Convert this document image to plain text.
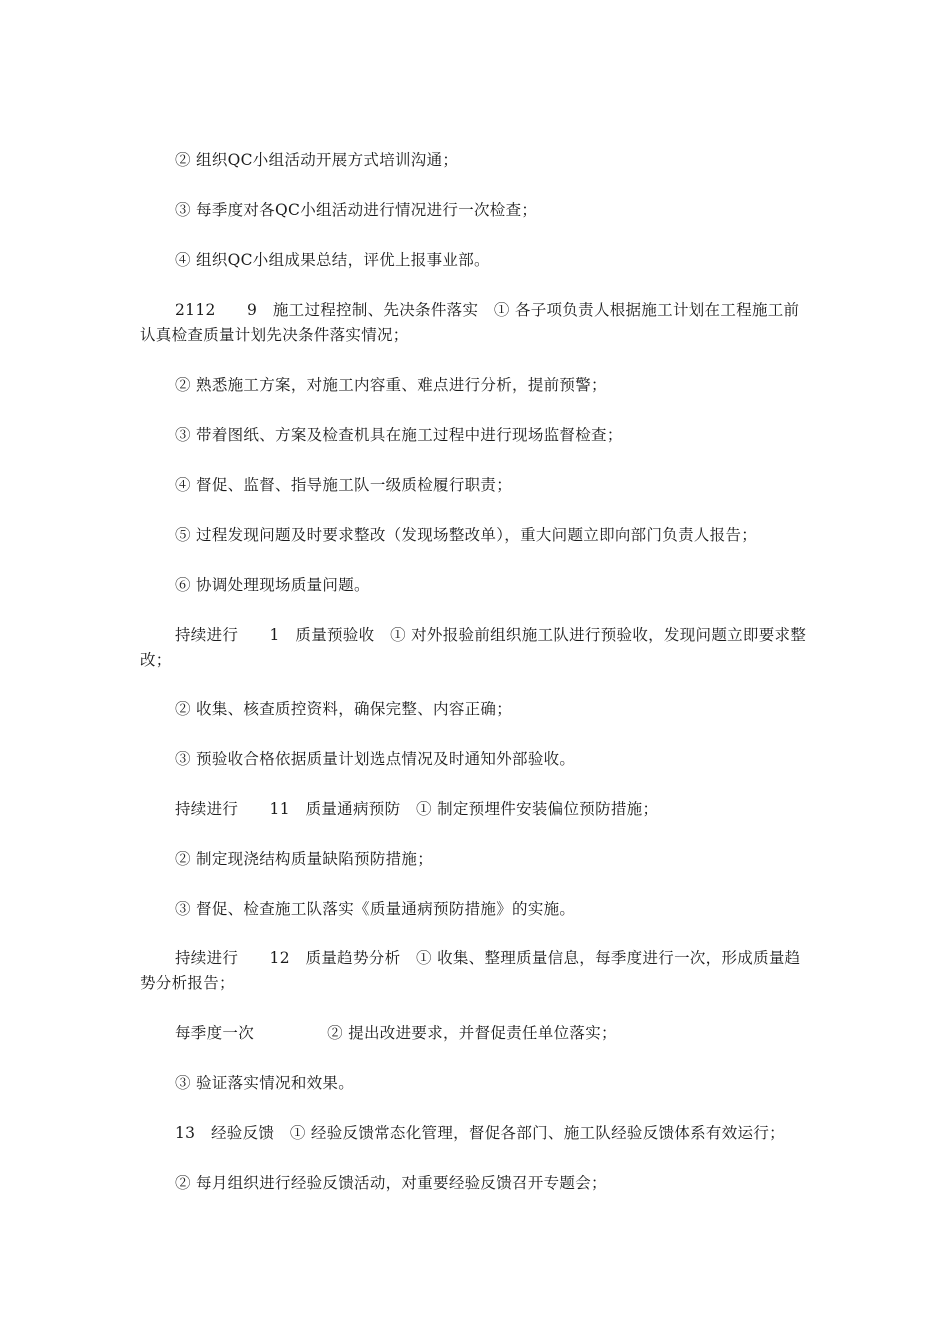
② 组织QC小组活动开展方式培训沟通；
③ 每季度对各QC小组活动进行情况进行一次检查；
④ 组织QC小组成果总结，评优上报事业部。
2112      9   施工过程控制、先决条件落实   ① 各子项负责人根据施工计划在工程施工前认真检查质量计划先决条件落实情况；
② 熟悉施工方案，对施工内容重、难点进行分析，提前预警；
③ 带着图纸、方案及检查机具在施工过程中进行现场监督检查；
④ 督促、监督、指导施工队一级质检履行职责；
⑤ 过程发现问题及时要求整改（发现场整改单），重大问题立即向部门负责人报告；
⑥ 协调处理现场质量问题。
持续进行      1   质量预验收   ① 对外报验前组织施工队进行预验收，发现问题立即要求整改；
② 收集、核查质控资料，确保完整、内容正确；
③ 预验收合格依据质量计划选点情况及时通知外部验收。
持续进行      11   质量通病预防   ① 制定预埋件安装偏位预防措施；
② 制定现浇结构质量缺陷预防措施；
③ 督促、检查施工队落实《质量通病预防措施》的实施。
持续进行      12   质量趋势分析   ① 收集、整理质量信息，每季度进行一次，形成质量趋势分析报告；
每季度一次              ② 提出改进要求，并督促责任单位落实；
③ 验证落实情况和效果。
13   经验反馈   ① 经验反馈常态化管理，督促各部门、施工队经验反馈体系有效运行；
② 每月组织进行经验反馈活动，对重要经验反馈召开专题会；
